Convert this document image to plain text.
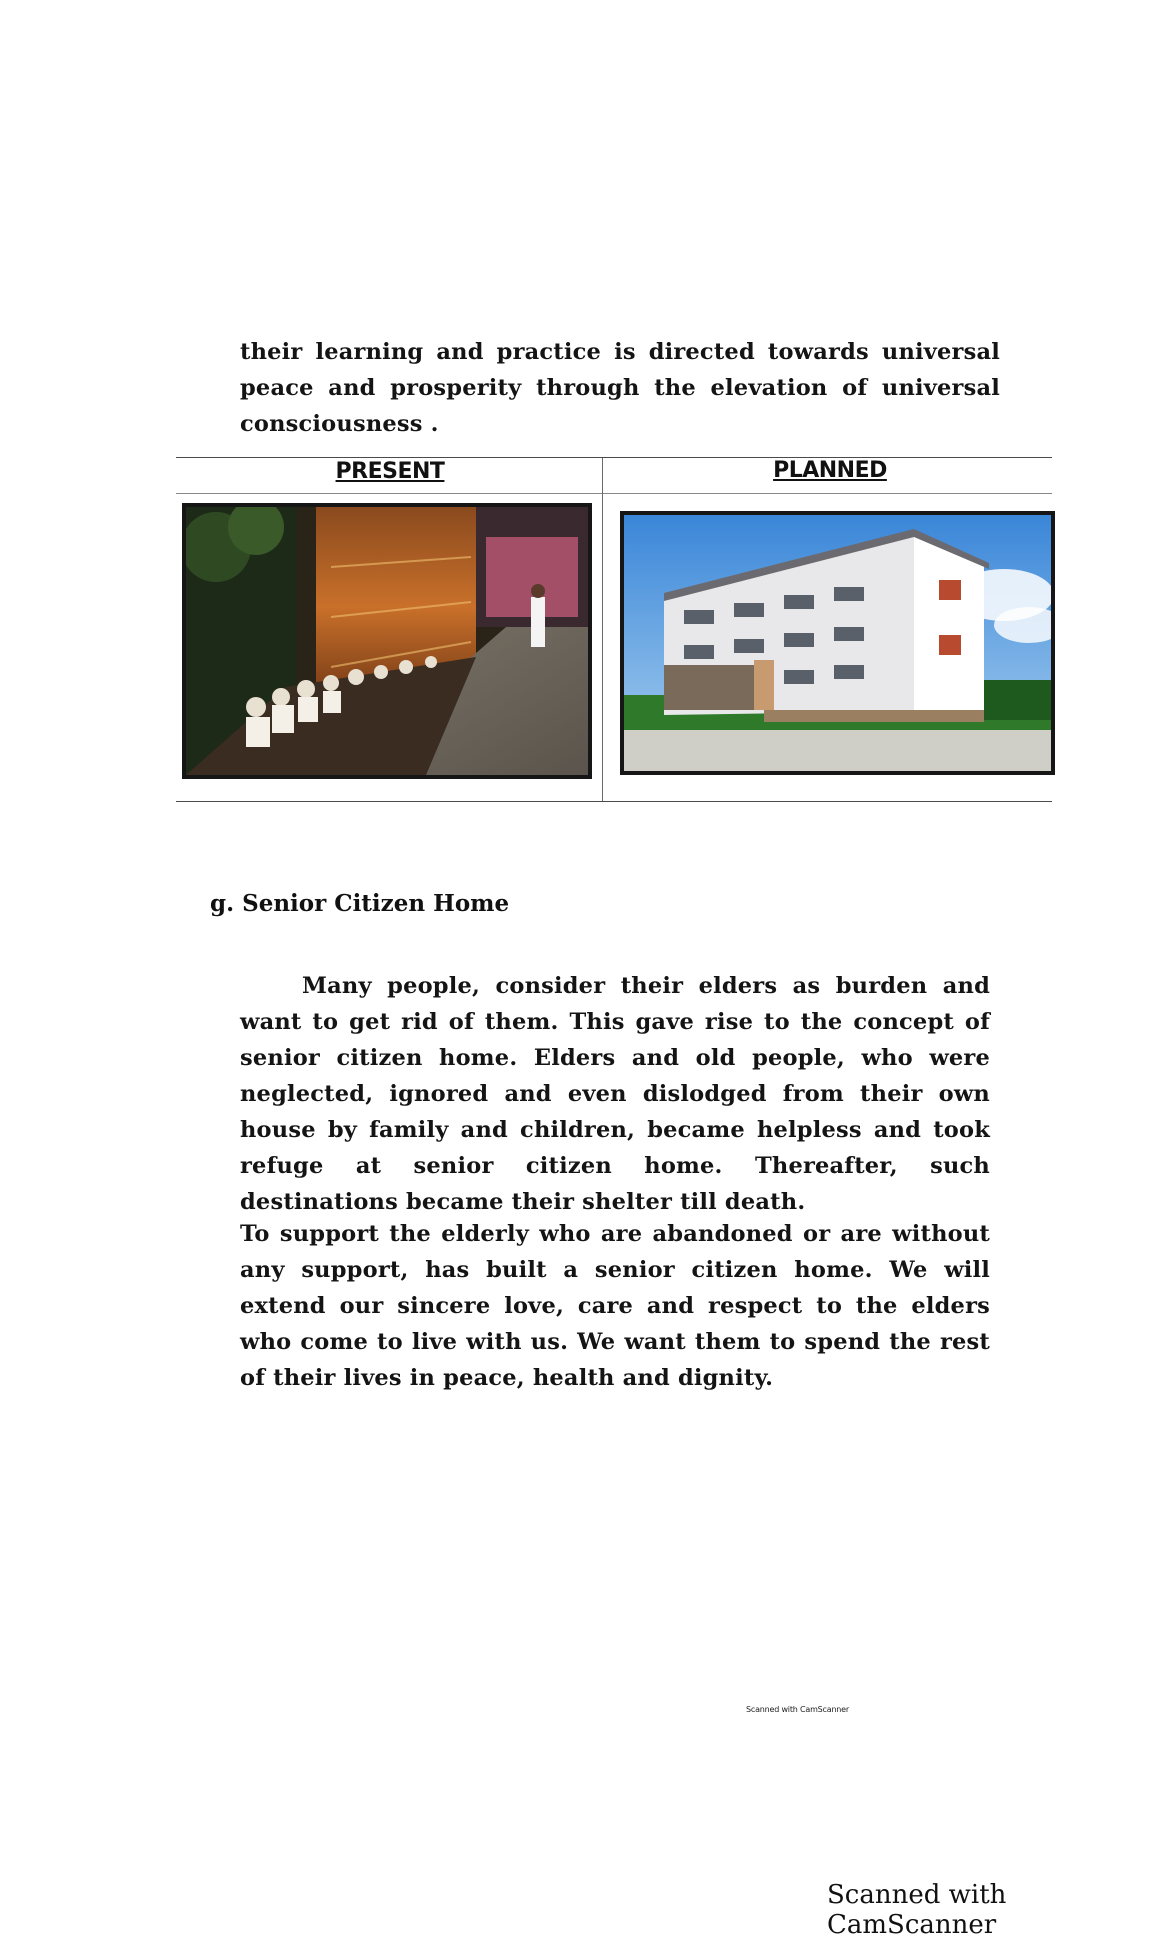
their learning and practice is directed towards universal peace and prosperity through the elevation of universal consciousness .

PRESENT	PLANNED
g. Senior Citizen Home

Many people, consider their elders as burden and want to get rid of them. This gave rise to the concept of senior citizen home. Elders and old people, who were neglected, ignored and even dislodged from their own house by family and children, became helpless and took refuge at senior citizen home. Thereafter, such destinations became their shelter till death.

To support the elderly who are abandoned or are without any support, has built a senior citizen home. We will extend our sincere love, care and respect to the elders who come to live with us. We want them to spend the rest of their lives in peace, health and dignity.

Scanned with CamScanner
Scanned with CamScanner
